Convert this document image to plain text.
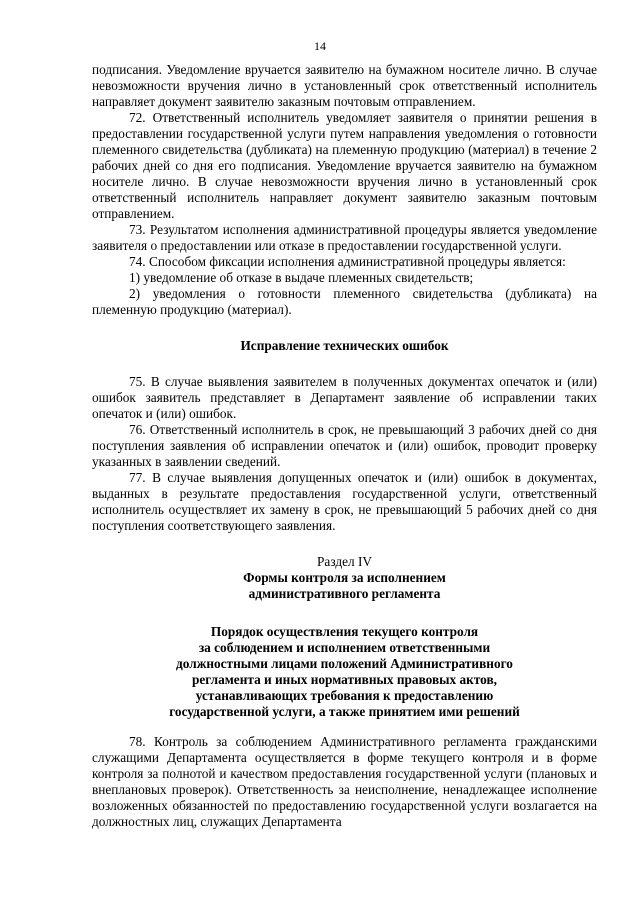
14

подписания. Уведомление вручается заявителю на бумажном носителе лично. В случае невозможности вручения лично в установленный срок ответственный исполнитель направляет документ заявителю заказным почтовым отправлением.

72. Ответственный исполнитель уведомляет заявителя о принятии решения в предоставлении государственной услуги путем направления уведомления о готовности племенного свидетельства (дубликата) на племенную продукцию (материал) в течение 2 рабочих дней со дня его подписания. Уведомление вручается заявителю на бумажном носителе лично. В случае невозможности вручения лично в установленный срок ответственный исполнитель направляет документ заявителю заказным почтовым отправлением.

73. Результатом исполнения административной процедуры является уведомление заявителя о предоставлении или отказе в предоставлении государственной услуги.

74. Способом фиксации исполнения административной процедуры является:

1) уведомление об отказе в выдаче племенных свидетельств;

2) уведомления о готовности племенного свидетельства (дубликата) на племенную продукцию (материал).

Исправление технических ошибок

75. В случае выявления заявителем в полученных документах опечаток и (или) ошибок заявитель представляет в Департамент заявление об исправлении таких опечаток и (или) ошибок.

76. Ответственный исполнитель в срок, не превышающий 3 рабочих дней со дня поступления заявления об исправлении опечаток и (или) ошибок, проводит проверку указанных в заявлении сведений.

77. В случае выявления допущенных опечаток и (или) ошибок в документах, выданных в результате предоставления государственной услуги, ответственный исполнитель осуществляет их замену в срок, не превышающий 5 рабочих дней со дня поступления соответствующего заявления.

Раздел IV

Формы контроля за исполнением

административного регламента

Порядок осуществления текущего контроля

за соблюдением и исполнением ответственными

должностными лицами положений Административного

регламента и иных нормативных правовых актов,

устанавливающих требования к предоставлению

государственной услуги, а также принятием ими решений

78. Контроль за соблюдением Административного регламента гражданскими служащими Департамента осуществляется в форме текущего контроля и в форме контроля за полнотой и качеством предоставления государственной услуги (плановых и внеплановых проверок). Ответственность за неисполнение, ненадлежащее исполнение возложенных обязанностей по предоставлению государственной услуги возлагается на должностных лиц, служащих Департамента
